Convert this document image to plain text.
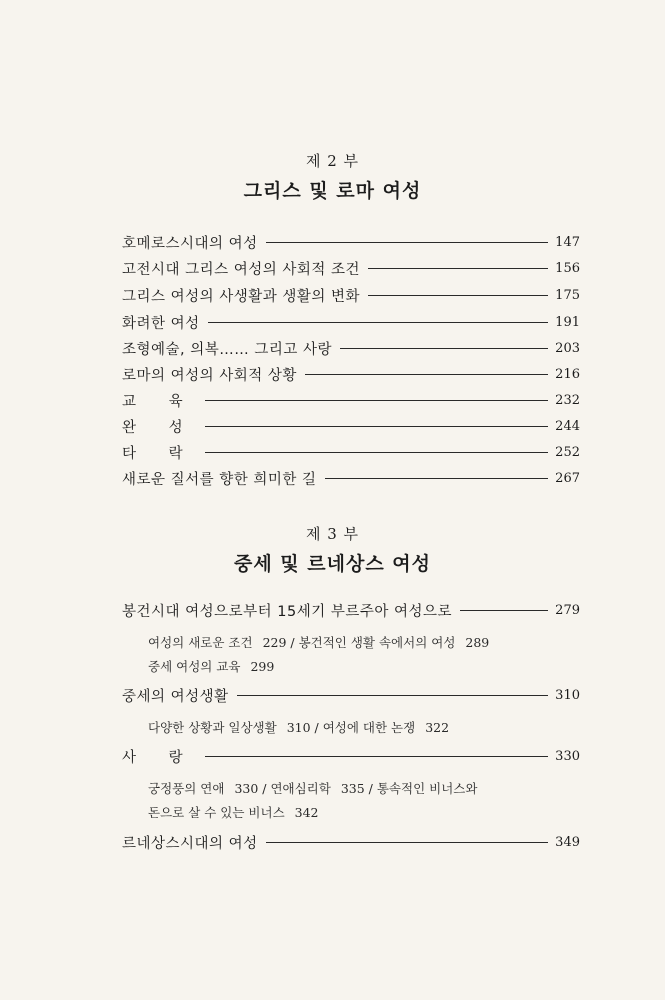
제 2 부
그리스 및 로마 여성
호메로스시대의 여성	147
고전시대 그리스 여성의 사회적 조건	156
그리스 여성의 사생활과 생활의 변화	175
화려한 여성	191
조형예술, 의복…… 그리고 사랑	203
로마의 여성의 사회적 상황	216
교 육	232
완 성	244
타 락	252
새로운 질서를 향한 희미한 길	267
제 3 부
중세 및 르네상스 여성
봉건시대 여성으로부터 15세기 부르주아 여성으로	279
여성의 새로운 조건 229 / 봉건적인 생활 속에서의 여성 289
중세 여성의 교육 299
중세의 여성생활	310
다양한 상황과 일상생활 310 / 여성에 대한 논쟁 322
사 랑	330
궁정풍의 연애 330 / 연애심리학 335 / 통속적인 비너스와
돈으로 살 수 있는 비너스 342
르네상스시대의 여성	349
